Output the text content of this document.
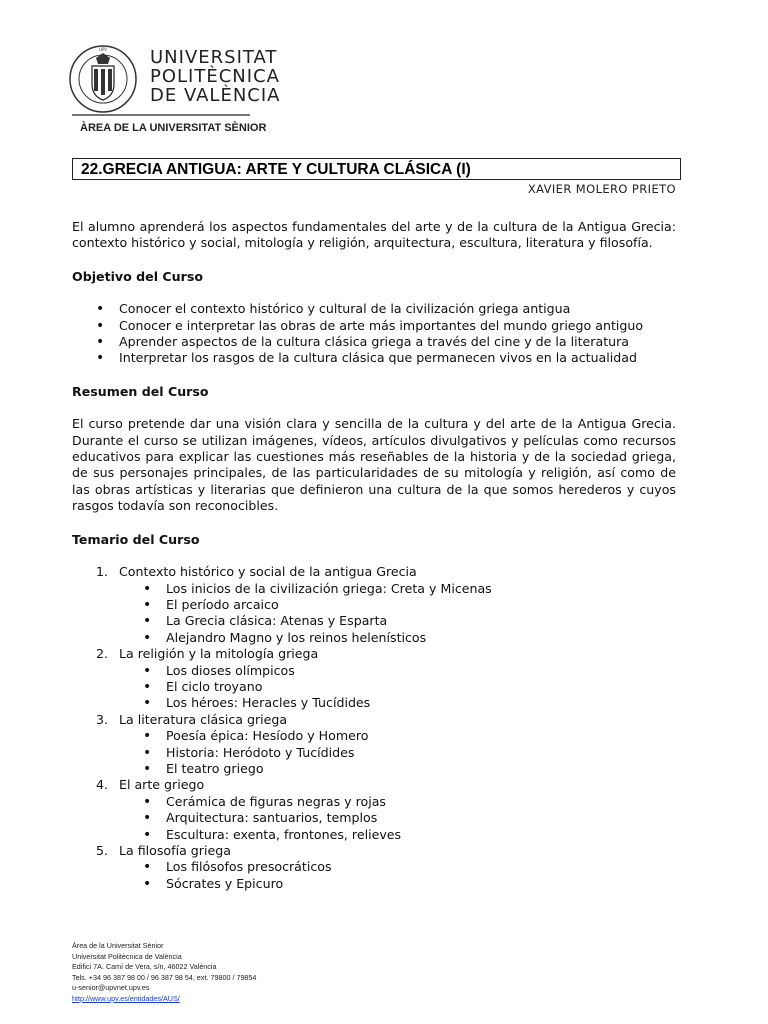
UPV UNIVERSITAT
POLITÈCNICA
DE VALÈNCIA
ÀREA DE LA UNIVERSITAT SÈNIOR
22.GRECIA ANTIGUA: ARTE Y CULTURA CLÁSICA (I)
XAVIER MOLERO PRIETO

El alumno aprenderá los aspectos fundamentales del arte y de la cultura de la Antigua Grecia: contexto histórico y social, mitología y religión, arquitectura, escultura, literatura y filosofía.

Objetivo del Curso

• Conocer el contexto histórico y cultural de la civilización griega antigua
• Conocer e interpretar las obras de arte más importantes del mundo griego antiguo
• Aprender aspectos de la cultura clásica griega a través del cine y de la literatura
• Interpretar los rasgos de la cultura clásica que permanecen vivos en la actualidad

Resumen del Curso

El curso pretende dar una visión clara y sencilla de la cultura y del arte de la Antigua Grecia. Durante el curso se utilizan imágenes, vídeos, artículos divulgativos y películas como recursos educativos para explicar las cuestiones más reseñables de la historia y de la sociedad griega, de sus personajes principales, de las particularidades de su mitología y religión, así como de las obras artísticas y literarias que definieron una cultura de la que somos herederos y cuyos rasgos todavía son reconocibles.

Temario del Curso

1. Contexto histórico y social de la antigua Grecia
• Los inicios de la civilización griega: Creta y Micenas
• El período arcaico
• La Grecia clásica: Atenas y Esparta
• Alejandro Magno y los reinos helenísticos
2. La religión y la mitología griega
• Los dioses olímpicos
• El ciclo troyano
• Los héroes: Heracles y Tucídides
3. La literatura clásica griega
• Poesía épica: Hesíodo y Homero
• Historia: Heródoto y Tucídides
• El teatro griego
4. El arte griego
• Cerámica de figuras negras y rojas
• Arquitectura: santuarios, templos
• Escultura: exenta, frontones, relieves
5. La filosofía griega
• Los filósofos presocráticos
• Sócrates y Epicuro
Àrea de la Universitat Sènior
Universitat Politècnica de València
Edifici 7A. Camí de Vera, s/n, 46022 València
Tels. +34 96 387 98 00 / 96 387 98 54, ext. 79800 / 79854
u-senior@upvnet.upv.es
http://www.upv.es/entidades/AUS/
